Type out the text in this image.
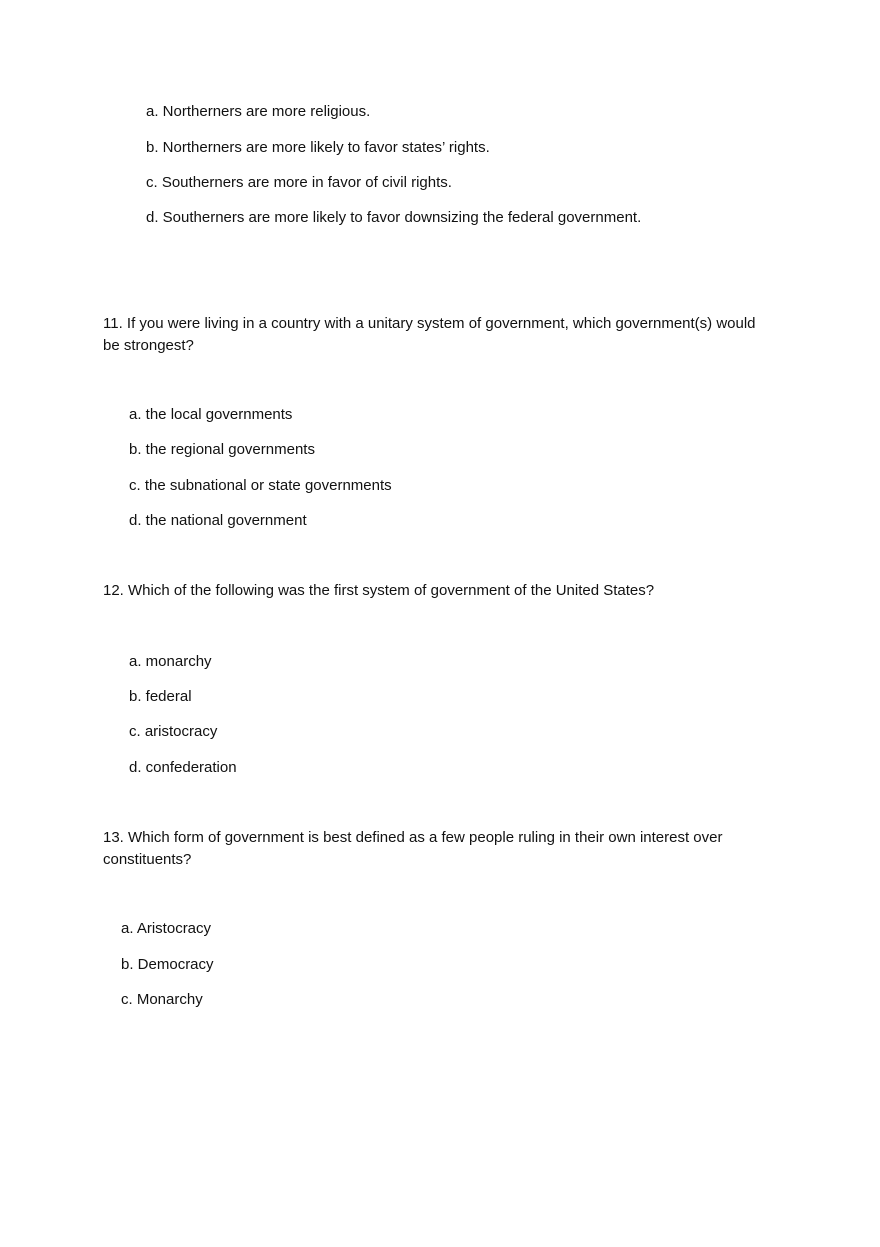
a. Northerners are more religious.
b. Northerners are more likely to favor states’ rights.
c. Southerners are more in favor of civil rights.
d. Southerners are more likely to favor downsizing the federal government.
11. If you were living in a country with a unitary system of government, which government(s) would be strongest?
a. the local governments
b. the regional governments
c. the subnational or state governments
d. the national government
12. Which of the following was the first system of government of the United States?
a. monarchy
b. federal
c. aristocracy
d. confederation
13. Which form of government is best defined as a few people ruling in their own interest over constituents?
a. Aristocracy
b. Democracy
c. Monarchy
